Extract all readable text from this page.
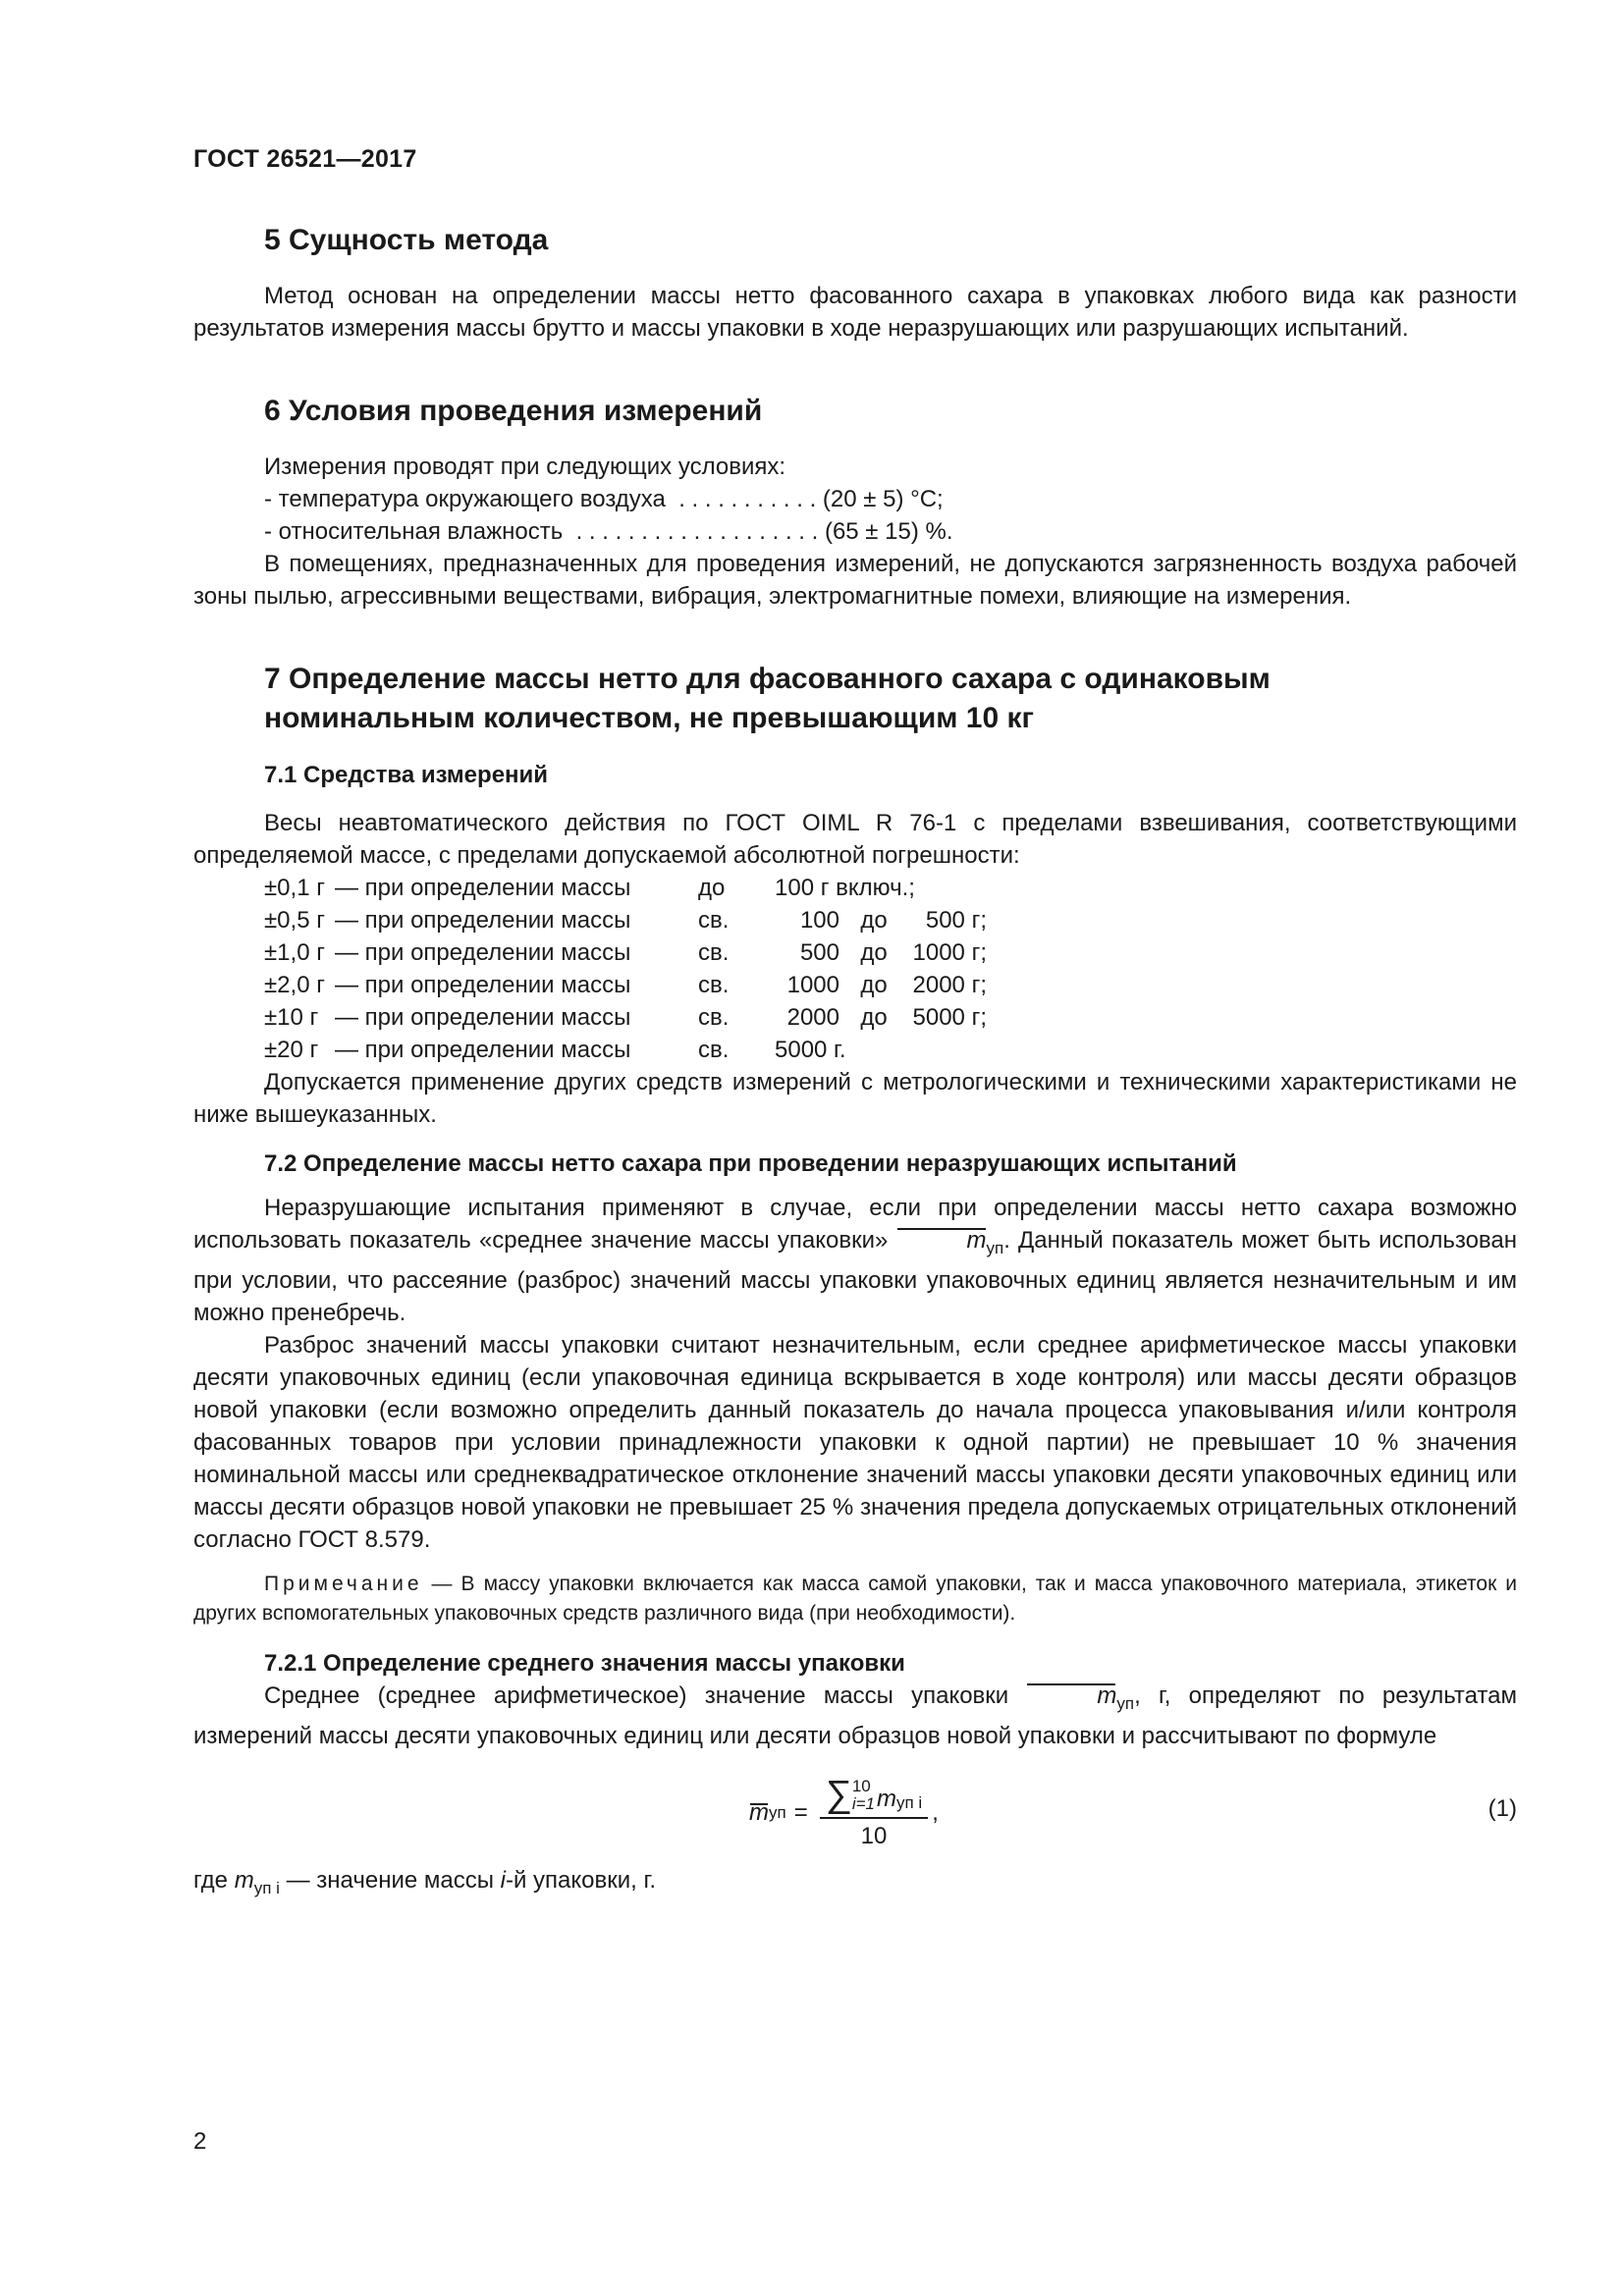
ГОСТ 26521—2017
5 Сущность метода

Метод основан на определении массы нетто фасованного сахара в упаковках любого вида как разности результатов измерения массы брутто и массы упаковки в ходе неразрушающих или разрушающих испытаний.

6 Условия проведения измерений
Измерения проводят при следующих условиях:
- температура окружающего воздуха  . . . . . . . . . . . (20 ± 5) °С;
- относительная влажность  . . . . . . . . . . . . . . . . . . . (65 ± 15) %.

В помещениях, предназначенных для проведения измерений, не допускаются загрязненность воздуха рабочей зоны пылью, агрессивными веществами, вибрация, электромагнитные помехи, влияющие на измерения.

7 Определение массы нетто для фасованного сахара с одинаковым
номинальным количеством, не превышающим 10 кг
7.1 Средства измерений

Весы неавтоматического действия по ГОСТ OIML R 76-1 с пределами взвешивания, соответствующими определяемой массе, с пределами допускаемой абсолютной погрешности:

±0,1 г — при определении массы	до	100 г включ.;
±0,5 г — при определении массы	св.	100 до	500 г;
±1,0 г — при определении массы	св.	500 до	1000 г;
±2,0 г — при определении массы	св.	1000 до	2000 г;
±10 г — при определении массы	св.	2000 до	5000 г;
±20 г — при определении массы	св.	5000 г.

Допускается применение других средств измерений с метрологическими и техническими характеристиками не ниже вышеуказанных.

7.2 Определение массы нетто сахара при проведении неразрушающих испытаний

Неразрушающие испытания применяют в случае, если при определении массы нетто сахара возможно использовать показатель «среднее значение массы упаковки»	$m_{уп}$. Данный показатель может быть использован при условии, что рассеяние (разброс) значений массы упаковки упаковочных единиц является незначительным и им можно пренебречь.

Разброс значений массы упаковки считают незначительным, если среднее арифметическое массы упаковки десяти упаковочных единиц (если упаковочная единица вскрывается в ходе контроля) или массы десяти образцов новой упаковки (если возможно определить данный показатель до начала процесса упаковывания и/или контроля фасованных товаров при условии принадлежности упаковки к одной партии) не превышает 10 % значения номинальной массы или среднеквадратическое отклонение значений массы упаковки десяти упаковочных единиц или массы десяти образцов новой упаковки не превышает 25 % значения предела допускаемых отрицательных отклонений согласно ГОСТ 8.579.

Примечание — В массу упаковки включается как масса самой упаковки, так и масса упаковочного материала, этикеток и других вспомогательных упаковочных средств различного вида (при необходимости).
7.2.1 Определение среднего значения массы упаковки

Среднее (среднее арифметическое) значение массы упаковки	$m_{уп}$, г, определяют по результатам измерений массы десяти упаковочных единиц или десяти образцов новой упаковки и рассчитывают по формуле

m уп = ∑ 10
i=1 m уп i
10
,	(1)
где $m_{уп i}$ — значение массы i-й упаковки, г.
2
